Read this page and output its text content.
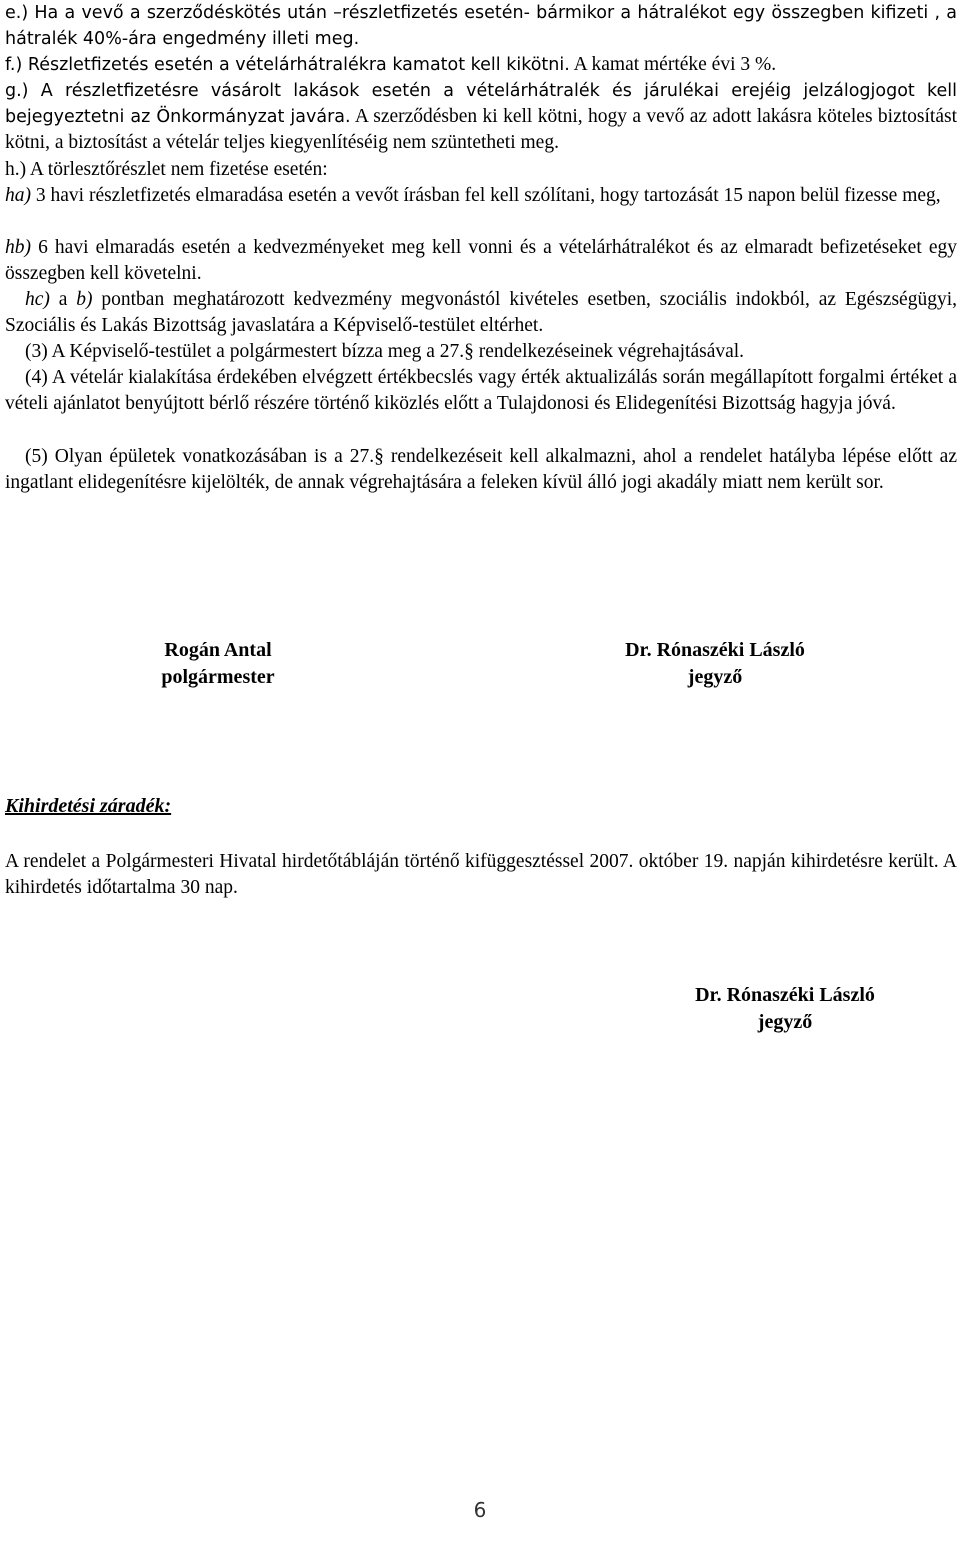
e.) Ha a vevő a szerződéskötés után –részletfizetés esetén- bármikor a hátralékot egy összegben kifizeti , a hátralék 40%-ára engedmény illeti meg.

f.) Részletfizetés esetén a vételárhátralékra kamatot kell kikötni. A kamat mértéke évi 3 %.

g.) A részletfizetésre vásárolt lakások esetén a vételárhátralék és járulékai erejéig jelzálogjogot kell bejegyeztetni az Önkormányzat javára. A szerződésben ki kell kötni, hogy a vevő az adott lakásra köteles biztosítást kötni, a biztosítást a vételár teljes kiegyenlítéséig nem szüntetheti meg.

h.) A törlesztőrészlet nem fizetése esetén:

ha) 3 havi részletfizetés elmaradása esetén a vevőt írásban fel kell szólítani, hogy tartozását 15 napon belül fizesse meg,

hb) 6 havi elmaradás esetén a kedvezményeket meg kell vonni és a vételárhátralékot és az elmaradt befizetéseket egy összegben kell követelni.

hc) a b) pontban meghatározott kedvezmény megvonástól kivételes esetben, szociális indokból, az Egészségügyi, Szociális és Lakás Bizottság javaslatára a Képviselő-testület eltérhet.

(3) A Képviselő-testület a polgármestert bízza meg a 27.§ rendelkezéseinek végrehajtásával.

(4) A vételár kialakítása érdekében elvégzett értékbecslés vagy érték aktualizálás során megállapított forgalmi értéket a vételi ajánlatot benyújtott bérlő részére történő kiközlés előtt a Tulajdonosi és Elidegenítési Bizottság hagyja jóvá.

(5) Olyan épületek vonatkozásában is a 27.§ rendelkezéseit kell alkalmazni, ahol a rendelet hatályba lépése előtt az ingatlant elidegenítésre kijelölték, de annak végrehajtására a feleken kívül álló jogi akadály miatt nem került sor.

Rogán Antal
polgármester
Dr. Rónaszéki László
jegyző
Kihirdetési záradék:

A rendelet a Polgármesteri Hivatal hirdetőtábláján történő kifüggesztéssel 2007. október 19. napján kihirdetésre került. A kihirdetés időtartalma 30 nap.

Dr. Rónaszéki László
jegyző
6
